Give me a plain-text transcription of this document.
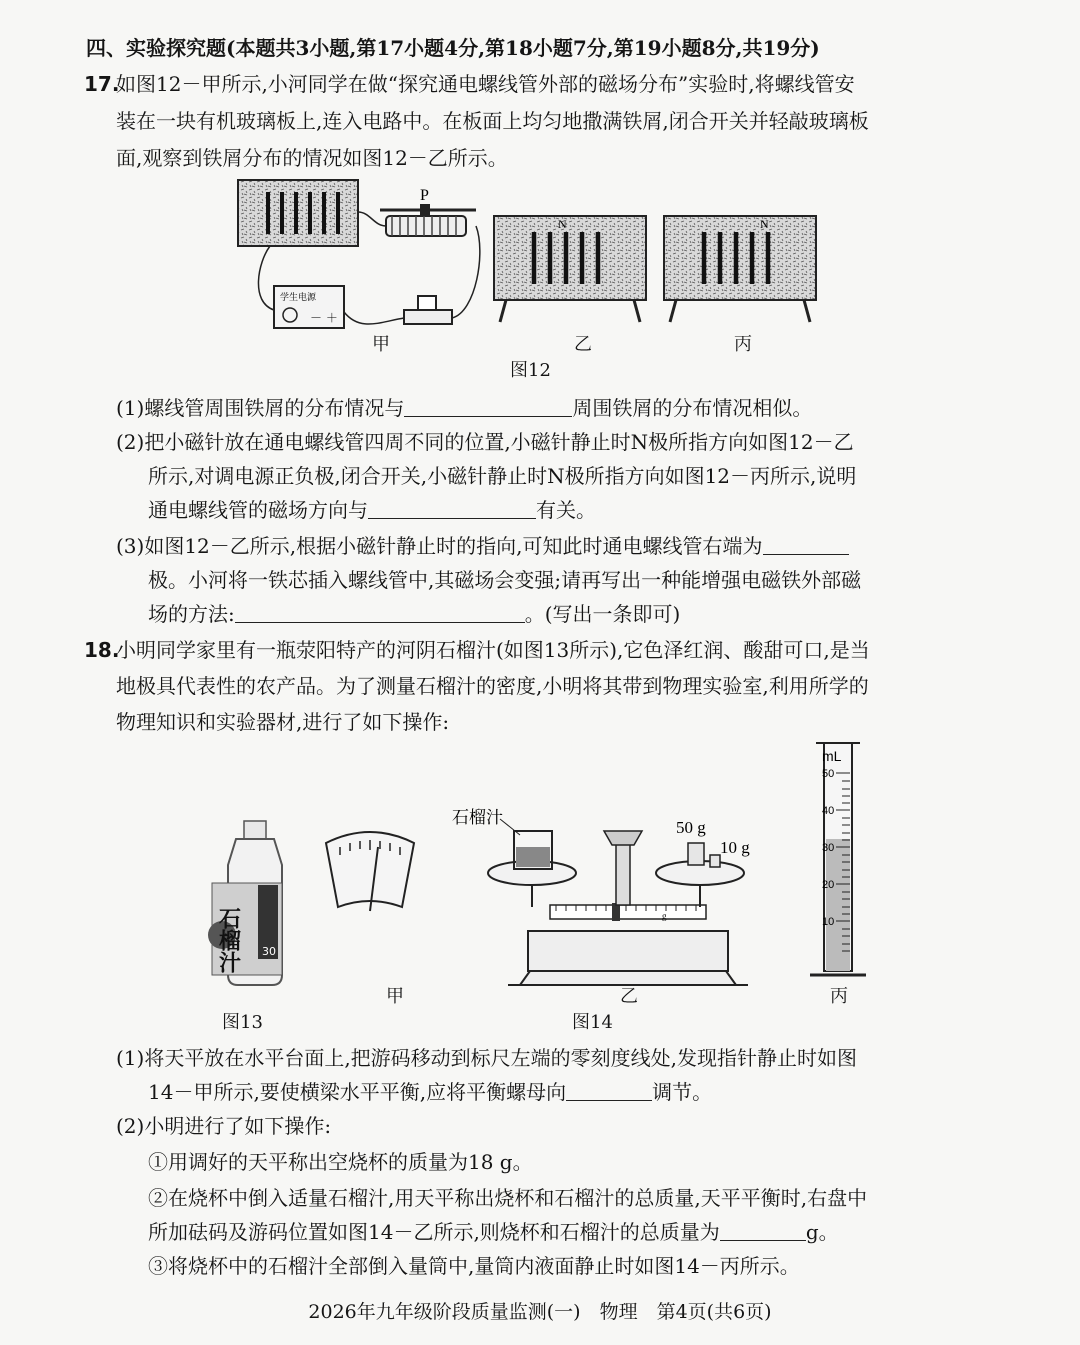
四、实验探究题(本题共3小题,第17小题4分,第18小题7分,第19小题8分,共19分)
17.
如图12－甲所示,小河同学在做“探究通电螺线管外部的磁场分布”实验时,将螺线管安
装在一块有机玻璃板上,连入电路中。在板面上均匀地撒满铁屑,闭合开关并轻敲玻璃板
面,观察到铁屑分布的情况如图12－乙所示。
P
学生电源
－ ＋
N	N
甲	乙	丙
图12
(1)螺线管周围铁屑的分布情况与	周围铁屑的分布情况相似。
(2)把小磁针放在通电螺线管四周不同的位置,小磁针静止时N极所指方向如图12－乙
所示,对调电源正负极,闭合开关,小磁针静止时N极所指方向如图12－丙所示,说明
通电螺线管的磁场方向与	有关。
(3)如图12－乙所示,根据小磁针静止时的指向,可知此时通电螺线管右端为
极。小河将一铁芯插入螺线管中,其磁场会变强;请再写出一种能增强电磁铁外部磁
场的方法:	。(写出一条即可)
18.
小明同学家里有一瓶荥阳特产的河阴石榴汁(如图13所示),它色泽红润、酸甜可口,是当
地极具代表性的农产品。为了测量石榴汁的密度,小明将其带到物理实验室,利用所学的
物理知识和实验器材,进行了如下操作:
石榴汁 30
g
石榴汁	50 g
10 g
mL
50
40
30
20
10
甲	乙	丙
图13	图14
(1)将天平放在水平台面上,把游码移动到标尺左端的零刻度线处,发现指针静止时如图
14－甲所示,要使横梁水平平衡,应将平衡螺母向	调节。
(2)小明进行了如下操作:
①用调好的天平称出空烧杯的质量为18 g。
②在烧杯中倒入适量石榴汁,用天平称出烧杯和石榴汁的总质量,天平平衡时,右盘中
所加砝码及游码位置如图14－乙所示,则烧杯和石榴汁的总质量为	g。
③将烧杯中的石榴汁全部倒入量筒中,量筒内液面静止时如图14－丙所示。
2026年九年级阶段质量监测(一)　物理　第4页(共6页)
